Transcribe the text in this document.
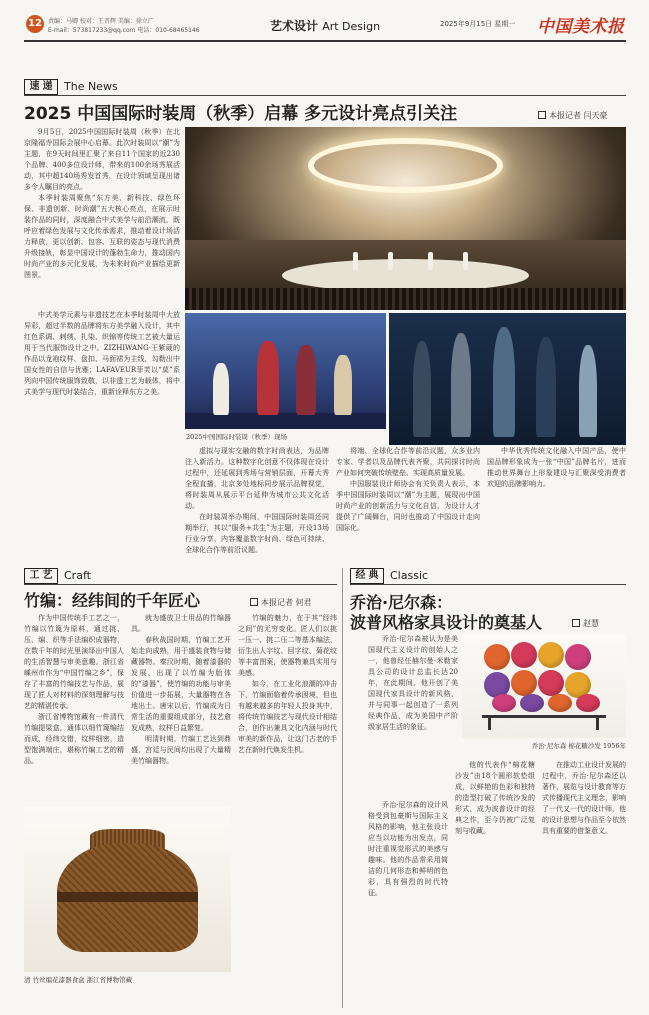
12	责编：马卿 校对：王晋辉 美编：徐立广
E-mail：573817233@qq.com 电话：010-68465146	艺术设计 Art Design	2025年9月15日 星期一 中国美术报
速递 The News
2025 中国国际时装周（秋季）启幕 多元设计亮点引关注	本报记者 闫天豪

9月5日，2025中国国际时装周（秋季）在北京隆福寺国际会展中心启幕。此次时装周以“潮”为主题，在9天时间里汇聚了来自11个国家的近230个品牌、400多位设计师，带来的100余场秀展活动，其中超140场秀发首秀，在设计领域呈现出诸多令人瞩目的亮点。

本季时装周聚焦“东方美、新科技、绿色环保、非遗创新、时尚潮”五大核心亮点，在展示时装作品的同时，深度融合中式美学与前沿潮流，既呼应着绿色发展与文化传承需求，推动着设计场活力释放，更以创新、包容、互联的姿态与现代消费升级接轨，彰显中国设计的蓬勃生命力，推动国内时尚产业的多元化发展，为未来时尚产业描绘更新图景。

中式美学元素与非遗技艺在本季时装周中大放异彩，超过半数的品牌将东方美学融入设计，其中红色系调、刺绣、扎染、织锦等传统工艺被大量运用于当代服饰设计之中。ZIZHIWANG·王紫葳的作品以龙袍纹样、盘扣、马面裙为主线，勾勒出中国女性的自信与优雅；LAFAVEUR菲芙以“莫”系列向中国传统服饰致敬，以非遗工艺为载体，将中式美学与现代时装结合，重新诠释东方之美。

2025中国国际时装周（秋季）现场

虚拟与现实交融的数字时尚表达，为品牌注入新活力。这种数字化创意不仅体现在设计过程中，还延展到秀场与营销层面，开幕大秀全程直播，北京多处地标同步展示品牌视觉，将时装周从展示平台延伸为城市公共文化活动。

在时装周举办期间，中国国际时装周还同期举行，其以“服务+共生”为主题，开设13场行业分享，内容覆盖数字时尚、绿色可持续、全球化合作等前沿议题。

将端、全球化合作等前沿议题，众多业内专家、学者以及品牌代表齐聚，共同探讨时尚产业如何突破传统壁垒、实现高质量发展。

中国服装设计师协会有关负责人表示，本季中国国际时装周以“潮”为主题，展现出中国时尚产业的创新活力与文化自信，为设计人才提供了广阔舞台，同时也推动了中国设计走向国际化。

中华优秀传统文化融入中国产品，使中国品牌形象成为一张“中国”品牌名片，进而推动世界舞台上形象建设与汇聚深受消费者欢迎的品牌影响力。

工艺 Craft
竹编：经纬间的千年匠心	本报记者 何君

作为中国传统手工艺之一，竹编以竹篾为原料，通过挑、压、编、织等手法编织成器物，在数千年的时光里演绎出中国人的生活智慧与审美意趣。浙江省嵊州市作为“中国竹编之乡”，保存了丰富的竹编技艺与作品，展现了匠人对材料的深刻理解与技艺的精湛传承。

浙江省博物馆藏有一件清代竹编提梁盒，通体以细竹篾编结而成，经纬交错，纹样细密，造型饱满端庄，堪称竹编工艺的精品。

就为盛放卫士用品的竹编器具。

春秋战国时期，竹编工艺开始走向成熟，用于盛装食物与储藏器物。秦汉时期，随着漆器的发展，出现了以竹编为胎体的“漆器”，使竹编的功能与审美价值进一步拓展，大量器物在各地出土。唐宋以后，竹编成为日常生活的重要组成部分，技艺愈发成熟，纹样日益繁复。

明清时期，竹编工艺达到鼎盛，宫廷与民间均出现了大量精美竹编器物。

竹编的魅力，在于其“经纬之间”的无穷变化。匠人们以挑一压一、挑二压二等基本编法，衍生出人字纹、回字纹、菊花纹等丰富图案，使器物兼具实用与美感。

如今，在工业化浪潮的冲击下，竹编面临着传承困境，但也有越来越多的年轻人投身其中，将传统竹编技艺与现代设计相结合，创作出兼具文化内涵与时代审美的新作品，让这门古老的手艺在新时代焕发生机。

清 竹丝编花漆器食盒 浙江省博物馆藏
经典 Classic
乔治·尼尔森：
波普风格家具设计的奠基人	赵慧

乔治·尼尔森被认为是美国现代主义设计的创始人之一，他曾经任赫尔曼·米勒家具公司的设计总监长达20年，在此期间，他开创了美国现代家具设计的新风格，并与同事一起创造了一系列经典作品，成为美国中产阶级家居生活的象征。

乔治·尼尔森 棉花糖沙发 1956年

乔治·尼尔森的设计风格受到包豪斯与国际主义风格的影响，他主张设计应当以功能为出发点，同时注重视觉形式的美感与趣味。他的作品常采用简洁的几何形态和鲜明的色彩，具有强烈的时代特征。

他的代表作“棉花糖沙发”由18个圆形软垫组成，以鲜艳的色彩和独特的造型打破了传统沙发的形式，成为波普设计的经典之作，至今仍被广泛复刻与收藏。

在推动工业设计发展的过程中，乔治·尼尔森还以著作、展览与设计教育等方式传播现代主义理念，影响了一代又一代的设计师，他的设计思想与作品至今依然具有重要的借鉴意义。
